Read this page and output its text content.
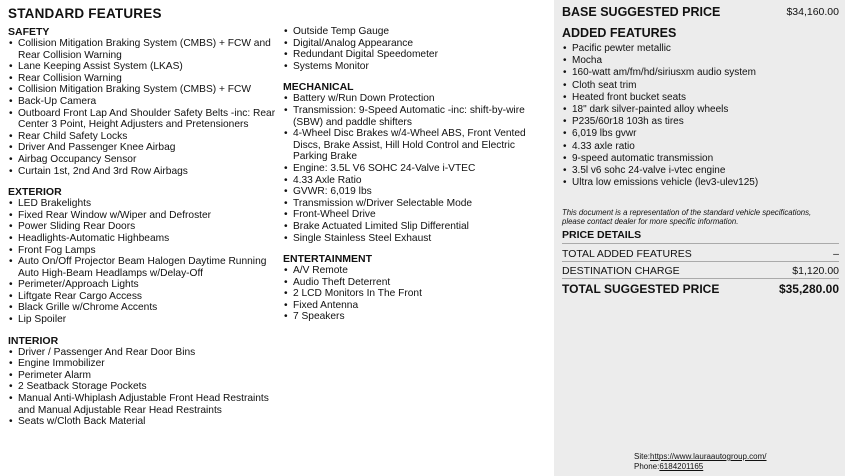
STANDARD FEATURES
SAFETY
• Collision Mitigation Braking System (CMBS) + FCW and Rear Collision Warning
• Lane Keeping Assist System (LKAS)
• Rear Collision Warning
• Collision Mitigation Braking System (CMBS) + FCW
• Back-Up Camera
• Outboard Front Lap And Shoulder Safety Belts -inc: Rear Center 3 Point, Height Adjusters and Pretensioners
• Rear Child Safety Locks
• Driver And Passenger Knee Airbag
• Airbag Occupancy Sensor
• Curtain 1st, 2nd And 3rd Row Airbags
EXTERIOR
• LED Brakelights
• Fixed Rear Window w/Wiper and Defroster
• Power Sliding Rear Doors
• Headlights-Automatic Highbeams
• Front Fog Lamps
• Auto On/Off Projector Beam Halogen Daytime Running Auto High-Beam Headlamps w/Delay-Off
• Perimeter/Approach Lights
• Liftgate Rear Cargo Access
• Black Grille w/Chrome Accents
• Lip Spoiler
INTERIOR
• Driver / Passenger And Rear Door Bins
• Engine Immobilizer
• Perimeter Alarm
• 2 Seatback Storage Pockets
• Manual Anti-Whiplash Adjustable Front Head Restraints and Manual Adjustable Rear Head Restraints
• Seats w/Cloth Back Material
• Outside Temp Gauge
• Digital/Analog Appearance
• Redundant Digital Speedometer
• Systems Monitor
MECHANICAL
• Battery w/Run Down Protection
• Transmission: 9-Speed Automatic -inc: shift-by-wire (SBW) and paddle shifters
• 4-Wheel Disc Brakes w/4-Wheel ABS, Front Vented Discs, Brake Assist, Hill Hold Control and Electric Parking Brake
• Engine: 3.5L V6 SOHC 24-Valve i-VTEC
• 4.33 Axle Ratio
• GVWR: 6,019 lbs
• Transmission w/Driver Selectable Mode
• Front-Wheel Drive
• Brake Actuated Limited Slip Differential
• Single Stainless Steel Exhaust
ENTERTAINMENT
• A/V Remote
• Audio Theft Deterrent
• 2 LCD Monitors In The Front
• Fixed Antenna
• 7 Speakers
BASE SUGGESTED PRICE	$34,160.00
ADDED FEATURES
• Pacific pewter metallic
• Mocha
• 160-watt am/fm/hd/siriusxm audio system
• Cloth seat trim
• Heated front bucket seats
• 18" dark silver-painted alloy wheels
• P235/60r18 103h as tires
• 6,019 lbs gvwr
• 4.33 axle ratio
• 9-speed automatic transmission
• 3.5l v6 sohc 24-valve i-vtec engine
• Ultra low emissions vehicle (lev3-ulev125)
This document is a representation of the standard vehicle specifications, please contact dealer for more specific information.
PRICE DETAILS
TOTAL ADDED FEATURES	–
DESTINATION CHARGE	$1,120.00
TOTAL SUGGESTED PRICE	$35,280.00
Site:https://www.lauraautogroup.com/
Phone:6184201165
